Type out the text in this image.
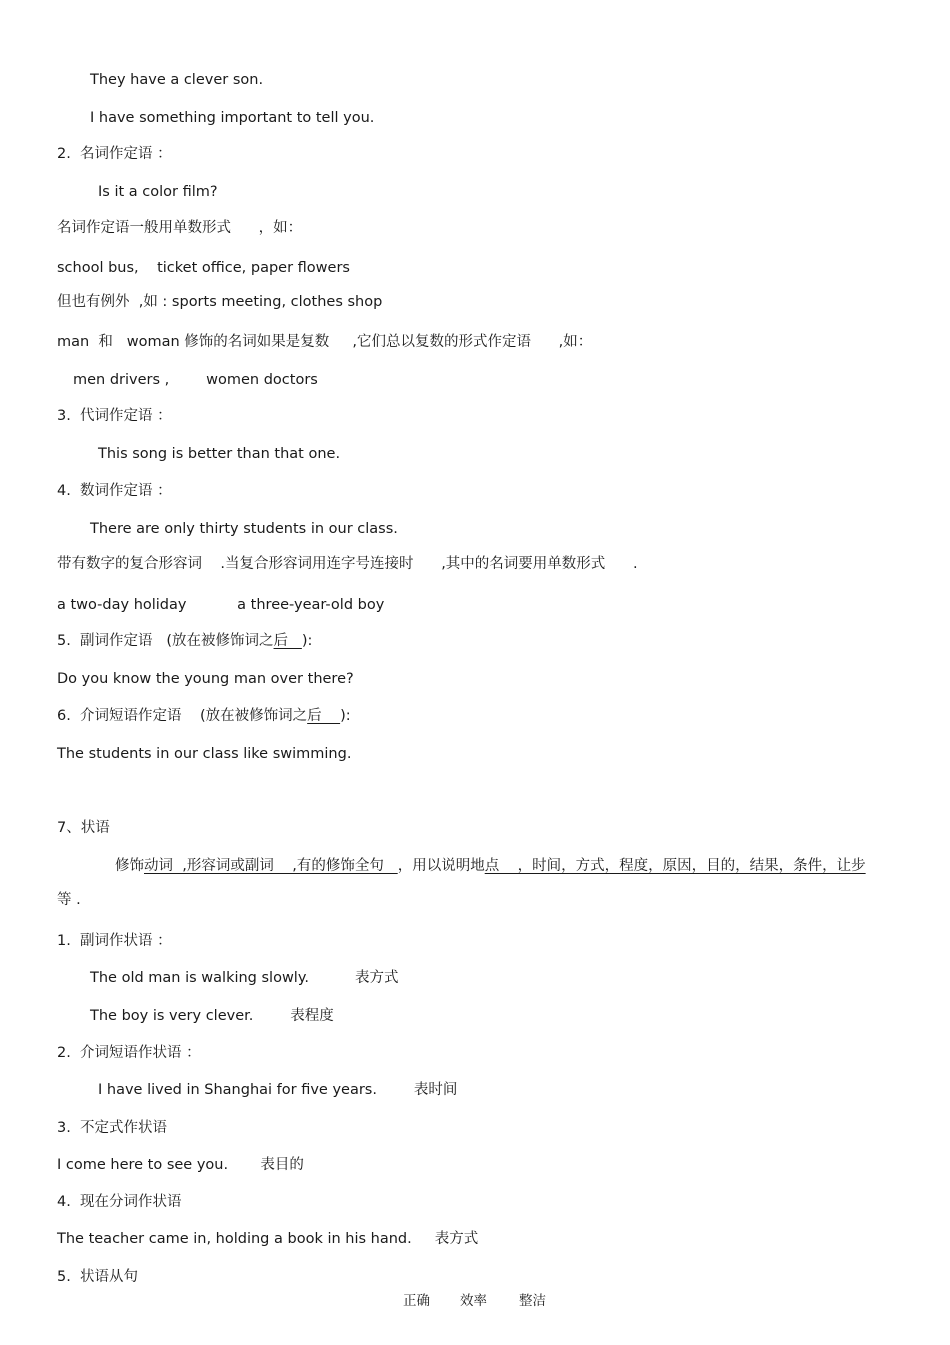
They have a clever son.
I have something important to tell you.
2.  名词作定语 ：
Is it a color film?
名词作定语一般用单数形式      ，如：
school bus,    ticket office, paper flowers
但也有例外  ,如 : sports meeting, clothes shop
man  和   woman 修饰的名词如果是复数     ,它们总以复数的形式作定语      ,如：
men drivers ,        women doctors
3.  代词作定语 ：
This song is better than that one.
4.  数词作定语 ：
There are only thirty students in our class.
带有数字的复合形容词    .当复合形容词用连字号连接时      ,其中的名词要用单数形式      .
a two-day holiday           a three-year-old boy
5.  副词作定语   (放在被修饰词之后   ):
Do you know the young man over there?
6.  介词短语作定语    (放在被修饰词之后    ):
The students in our class like swimming.
7、状语
修饰动词  ,形容词或副词    ,有的修饰全句   ，用以说明地点    ，时间，方式，程度，原因，目的，结果，条件，让步
等 .
1.  副词作状语 ：
The old man is walking slowly.          表方式
The boy is very clever.        表程度
2.  介词短语作状语 ：
I have lived in Shanghai for five years.        表时间
3.  不定式作状语
I come here to see you.       表目的
4.  现在分词作状语
The teacher came in, holding a book in his hand.     表方式
5.  状语从句
正确 效率 整洁
